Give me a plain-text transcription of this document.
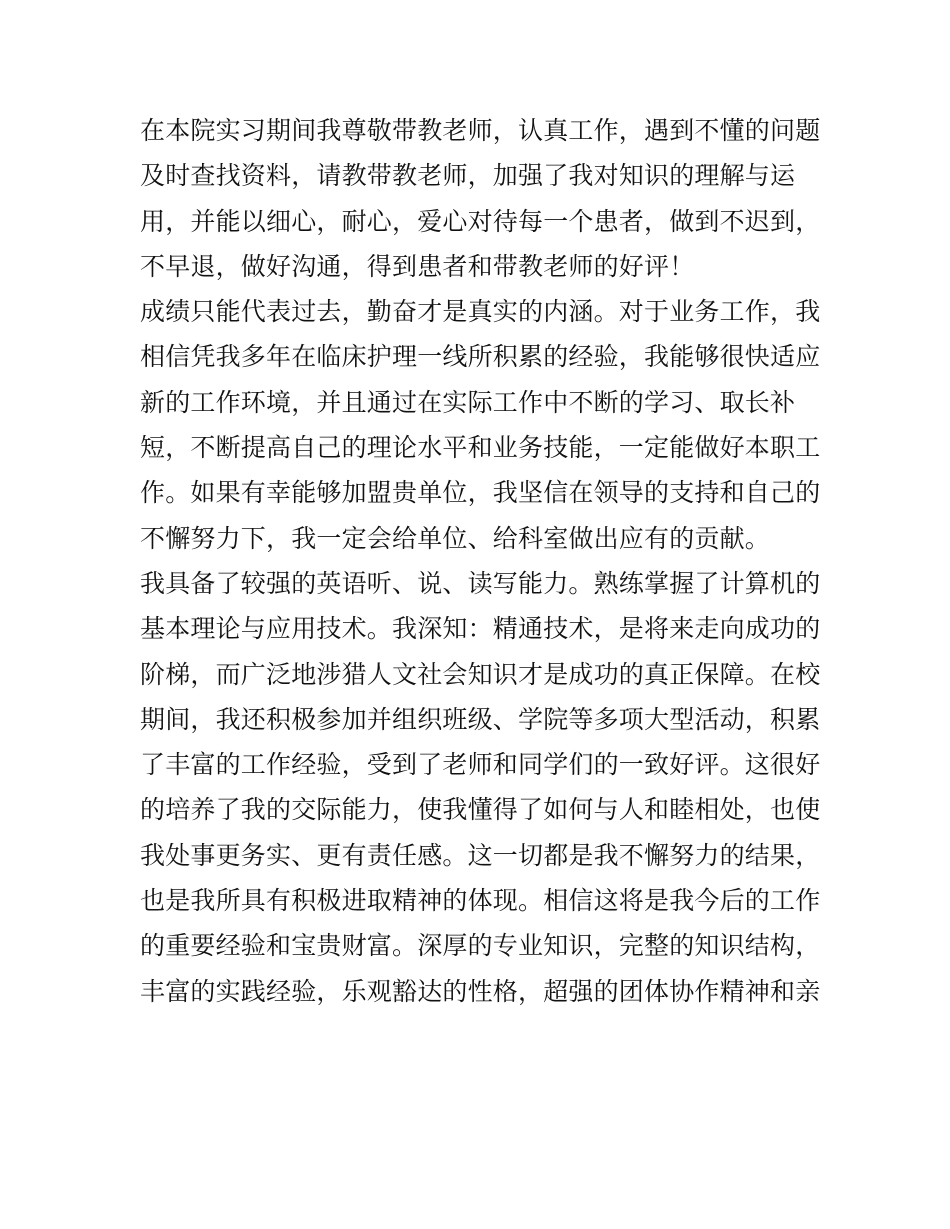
在本院实习期间我尊敬带教老师，认真工作，遇到不懂的问题
及时查找资料，请教带教老师，加强了我对知识的理解与运
用，并能以细心，耐心，爱心对待每一个患者，做到不迟到，
不早退，做好沟通，得到患者和带教老师的好评！
成绩只能代表过去，勤奋才是真实的内涵。对于业务工作，我
相信凭我多年在临床护理一线所积累的经验，我能够很快适应
新的工作环境，并且通过在实际工作中不断的学习、取长补
短，不断提高自己的理论水平和业务技能，一定能做好本职工
作。如果有幸能够加盟贵单位，我坚信在领导的支持和自己的
不懈努力下，我一定会给单位、给科室做出应有的贡献。
我具备了较强的英语听、说、读写能力。熟练掌握了计算机的
基本理论与应用技术。我深知：精通技术，是将来走向成功的
阶梯，而广泛地涉猎人文社会知识才是成功的真正保障。在校
期间，我还积极参加并组织班级、学院等多项大型活动，积累
了丰富的工作经验，受到了老师和同学们的一致好评。这很好
的培养了我的交际能力，使我懂得了如何与人和睦相处，也使
我处事更务实、更有责任感。这一切都是我不懈努力的结果，
也是我所具有积极进取精神的体现。相信这将是我今后的工作
的重要经验和宝贵财富。深厚的专业知识，完整的知识结构，
丰富的实践经验，乐观豁达的性格，超强的团体协作精神和亲
